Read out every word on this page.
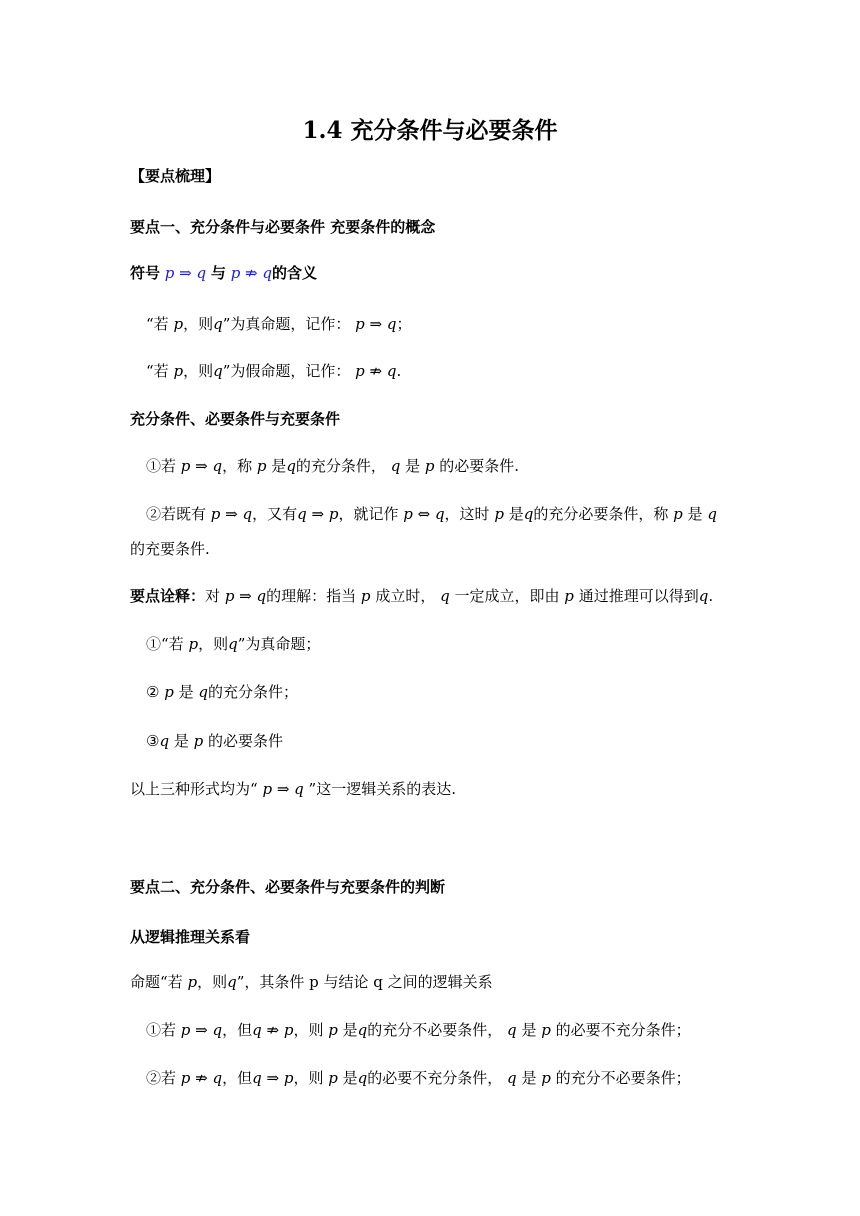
1.4 充分条件与必要条件
【要点梳理】
要点一、充分条件与必要条件 充要条件的概念
符号 p ⇒ q 与 p ⇏ q的含义
“若 p，则q”为真命题，记作： p ⇒ q；
“若 p，则q”为假命题，记作： p ⇏ q.
充分条件、必要条件与充要条件
①若 p ⇒ q，称 p 是q的充分条件， q 是 p 的必要条件.
②若既有 p ⇒ q，又有q ⇒ p，就记作 p ⇔ q，这时 p 是q的充分必要条件，称 p 是 q
的充要条件.
要点诠释：对 p ⇒ q的理解：指当 p 成立时， q 一定成立，即由 p 通过推理可以得到q.
①“若 p，则q”为真命题；
② p 是 q的充分条件；
③q 是 p 的必要条件
以上三种形式均为“ p ⇒ q ”这一逻辑关系的表达.
要点二、充分条件、必要条件与充要条件的判断
从逻辑推理关系看
命题“若 p，则q”，其条件 p 与结论 q 之间的逻辑关系
①若 p ⇒ q，但q ⇏ p，则 p 是q的充分不必要条件， q 是 p 的必要不充分条件；
②若 p ⇏ q，但q ⇒ p，则 p 是q的必要不充分条件， q 是 p 的充分不必要条件；
